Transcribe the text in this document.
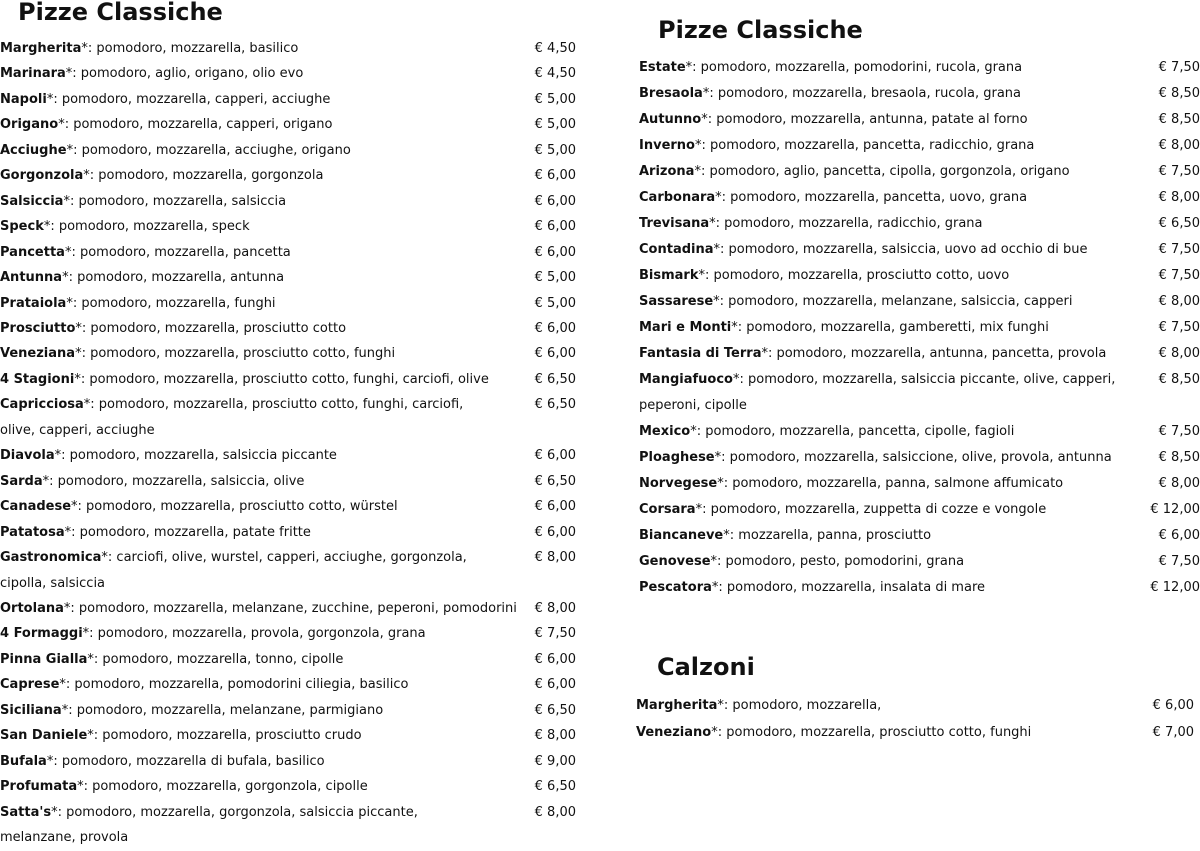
Pizze Classiche
Margherita*: pomodoro, mozzarella, basilico	€ 4,50
Marinara*: pomodoro, aglio, origano, olio evo	€ 4,50
Napoli*: pomodoro, mozzarella, capperi, acciughe	€ 5,00
Origano*: pomodoro, mozzarella, capperi, origano	€ 5,00
Acciughe*: pomodoro, mozzarella, acciughe, origano	€ 5,00
Gorgonzola*: pomodoro, mozzarella, gorgonzola	€ 6,00
Salsiccia*: pomodoro, mozzarella, salsiccia	€ 6,00
Speck*: pomodoro, mozzarella, speck	€ 6,00
Pancetta*: pomodoro, mozzarella, pancetta	€ 6,00
Antunna*: pomodoro, mozzarella, antunna	€ 5,00
Prataiola*: pomodoro, mozzarella, funghi	€ 5,00
Prosciutto*: pomodoro, mozzarella, prosciutto cotto	€ 6,00
Veneziana*: pomodoro, mozzarella, prosciutto cotto, funghi	€ 6,00
4 Stagioni*: pomodoro, mozzarella, prosciutto cotto, funghi, carciofi, olive	€ 6,50
Capricciosa*: pomodoro, mozzarella, prosciutto cotto, funghi, carciofi,	€ 6,50
olive, capperi, acciughe
Diavola*: pomodoro, mozzarella, salsiccia piccante	€ 6,00
Sarda*: pomodoro, mozzarella, salsiccia, olive	€ 6,50
Canadese*: pomodoro, mozzarella, prosciutto cotto, würstel	€ 6,00
Patatosa*: pomodoro, mozzarella, patate fritte	€ 6,00
Gastronomica*: carciofi, olive, wurstel, capperi, acciughe, gorgonzola,	€ 8,00
cipolla, salsiccia
Ortolana*: pomodoro, mozzarella, melanzane, zucchine, peperoni, pomodorini	€ 8,00
4 Formaggi*: pomodoro, mozzarella, provola, gorgonzola, grana	€ 7,50
Pinna Gialla*: pomodoro, mozzarella, tonno, cipolle	€ 6,00
Caprese*: pomodoro, mozzarella, pomodorini ciliegia, basilico	€ 6,00
Siciliana*: pomodoro, mozzarella, melanzane, parmigiano	€ 6,50
San Daniele*: pomodoro, mozzarella, prosciutto crudo	€ 8,00
Bufala*: pomodoro, mozzarella di bufala, basilico	€ 9,00
Profumata*: pomodoro, mozzarella, gorgonzola, cipolle	€ 6,50
Satta's*: pomodoro, mozzarella, gorgonzola, salsiccia piccante,	€ 8,00
melanzane, provola
Pizze Classiche
Calzoni
Estate*: pomodoro, mozzarella, pomodorini, rucola, grana	€ 7,50
Bresaola*: pomodoro, mozzarella, bresaola, rucola, grana	€ 8,50
Autunno*: pomodoro, mozzarella, antunna, patate al forno	€ 8,50
Inverno*: pomodoro, mozzarella, pancetta, radicchio, grana	€ 8,00
Arizona*: pomodoro, aglio, pancetta, cipolla, gorgonzola, origano	€ 7,50
Carbonara*: pomodoro, mozzarella, pancetta, uovo, grana	€ 8,00
Trevisana*: pomodoro, mozzarella, radicchio, grana	€ 6,50
Contadina*: pomodoro, mozzarella, salsiccia, uovo ad occhio di bue	€ 7,50
Bismark*: pomodoro, mozzarella, prosciutto cotto, uovo	€ 7,50
Sassarese*: pomodoro, mozzarella, melanzane, salsiccia, capperi	€ 8,00
Mari e Monti*: pomodoro, mozzarella, gamberetti, mix funghi	€ 7,50
Fantasia di Terra*: pomodoro, mozzarella, antunna, pancetta, provola	€ 8,00
Mangiafuoco*: pomodoro, mozzarella, salsiccia piccante, olive, capperi,	€ 8,50
peperoni, cipolle
Mexico*: pomodoro, mozzarella, pancetta, cipolle, fagioli	€ 7,50
Ploaghese*: pomodoro, mozzarella, salsiccione, olive, provola, antunna	€ 8,50
Norvegese*: pomodoro, mozzarella, panna, salmone affumicato	€ 8,00
Corsara*: pomodoro, mozzarella, zuppetta di cozze e vongole	€ 12,00
Biancaneve*: mozzarella, panna, prosciutto	€ 6,00
Genovese*: pomodoro, pesto, pomodorini, grana	€ 7,50
Pescatora*: pomodoro, mozzarella, insalata di mare	€ 12,00
Margherita*: pomodoro, mozzarella,	€ 6,00
Veneziano*: pomodoro, mozzarella, prosciutto cotto, funghi	€ 7,00
